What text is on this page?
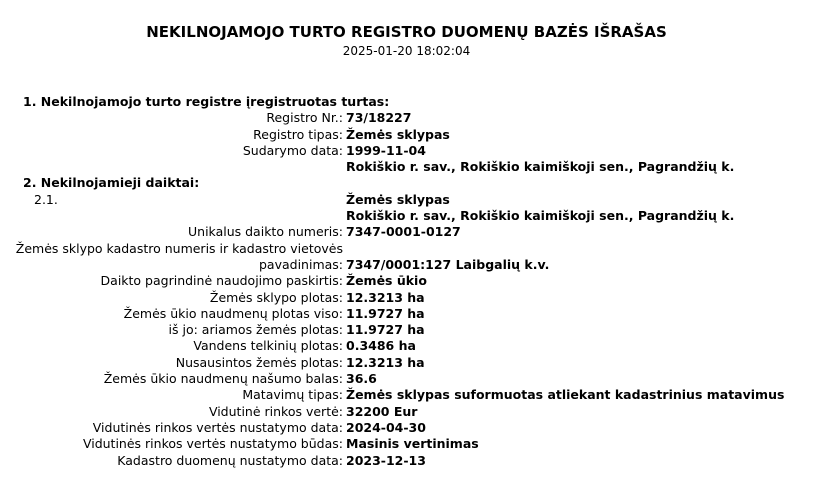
NEKILNOJAMOJO TURTO REGISTRO DUOMENŲ BAZĖS IŠRAŠAS
2025-01-20 18:02:04
1. Nekilnojamojo turto registre įregistruotas turtas:
Registro Nr.: 73/18227
Registro tipas: Žemės sklypas
Sudarymo data: 1999-11-04
Rokiškio r. sav., Rokiškio kaimiškoji sen., Pagrandžių k.
2. Nekilnojamieji daiktai:
2.1.	Žemės sklypas
Rokiškio r. sav., Rokiškio kaimiškoji sen., Pagrandžių k.
Unikalus daikto numeris: 7347-0001-0127
Žemės sklypo kadastro numeris ir kadastro vietovės
pavadinimas: 7347/0001:127 Laibgalių k.v.
Daikto pagrindinė naudojimo paskirtis: Žemės ūkio
Žemės sklypo plotas: 12.3213 ha
Žemės ūkio naudmenų plotas viso: 11.9727 ha
iš jo: ariamos žemės plotas: 11.9727 ha
Vandens telkinių plotas: 0.3486 ha
Nusausintos žemės plotas: 12.3213 ha
Žemės ūkio naudmenų našumo balas: 36.6
Matavimų tipas: Žemės sklypas suformuotas atliekant kadastrinius matavimus
Vidutinė rinkos vertė: 32200 Eur
Vidutinės rinkos vertės nustatymo data: 2024-04-30
Vidutinės rinkos vertės nustatymo būdas: Masinis vertinimas
Kadastro duomenų nustatymo data: 2023-12-13
